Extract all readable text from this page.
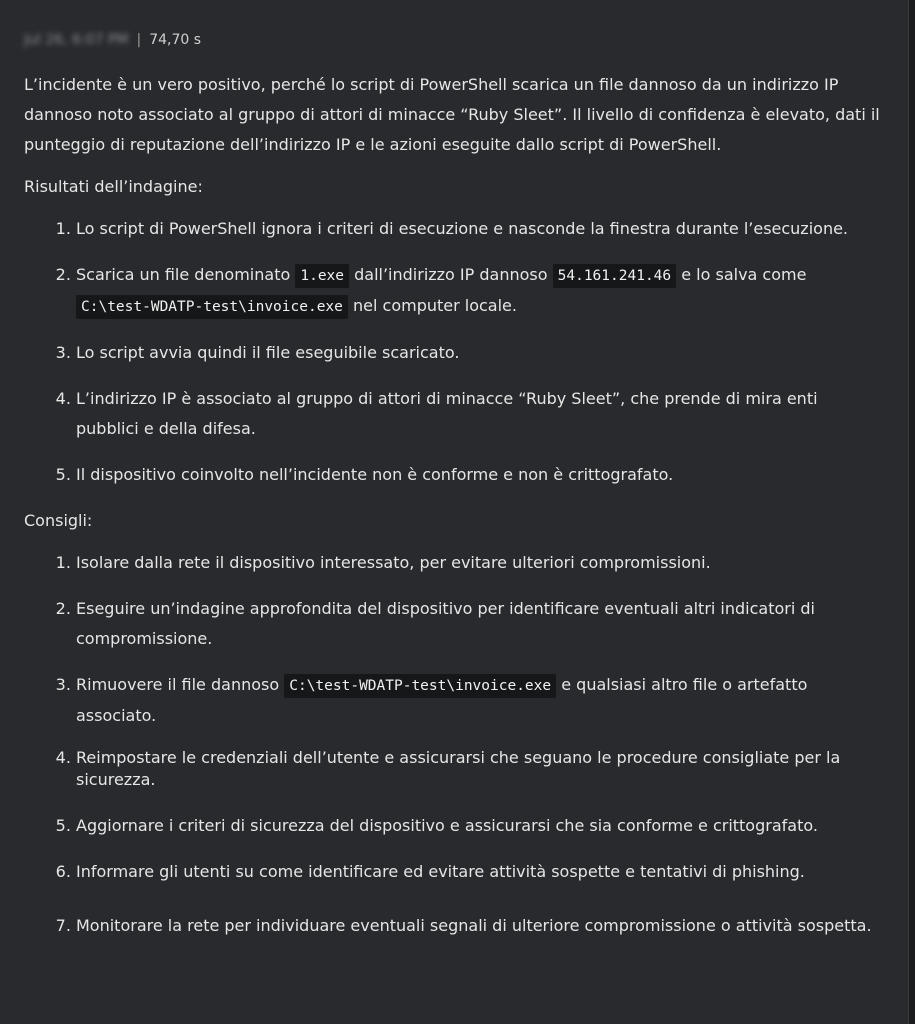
Jul 26, 6:07 PM | 74,70 s

L’incidente è un vero positivo, perché lo script di PowerShell scarica un file dannoso da un indirizzo IP dannoso noto associato al gruppo di attori di minacce “Ruby Sleet”. Il livello di confidenza è elevato, dati il punteggio di reputazione dell’indirizzo IP e le azioni eseguite dallo script di PowerShell.

Risultati dell’indagine:

1. Lo script di PowerShell ignora i criteri di esecuzione e nasconde la finestra durante l’esecuzione.
2. Scarica un file denominato 1.exe dall’indirizzo IP dannoso 54.161.241.46 e lo salva come C:\test-WDATP-test\invoice.exe nel computer locale.
3. Lo script avvia quindi il file eseguibile scaricato.
4. L’indirizzo IP è associato al gruppo di attori di minacce “Ruby Sleet”, che prende di mira enti pubblici e della difesa.
5. Il dispositivo coinvolto nell’incidente non è conforme e non è crittografato.

Consigli:

1. Isolare dalla rete il dispositivo interessato, per evitare ulteriori compromissioni.
2. Eseguire un’indagine approfondita del dispositivo per identificare eventuali altri indicatori di compromissione.
3. Rimuovere il file dannoso C:\test-WDATP-test\invoice.exe e qualsiasi altro file o artefatto associato.
4. Reimpostare le credenziali dell’utente e assicurarsi che seguano le procedure consigliate per la sicurezza.
5. Aggiornare i criteri di sicurezza del dispositivo e assicurarsi che sia conforme e crittografato.
6. Informare gli utenti su come identificare ed evitare attività sospette e tentativi di phishing.
7. Monitorare la rete per individuare eventuali segnali di ulteriore compromissione o attività sospetta.
